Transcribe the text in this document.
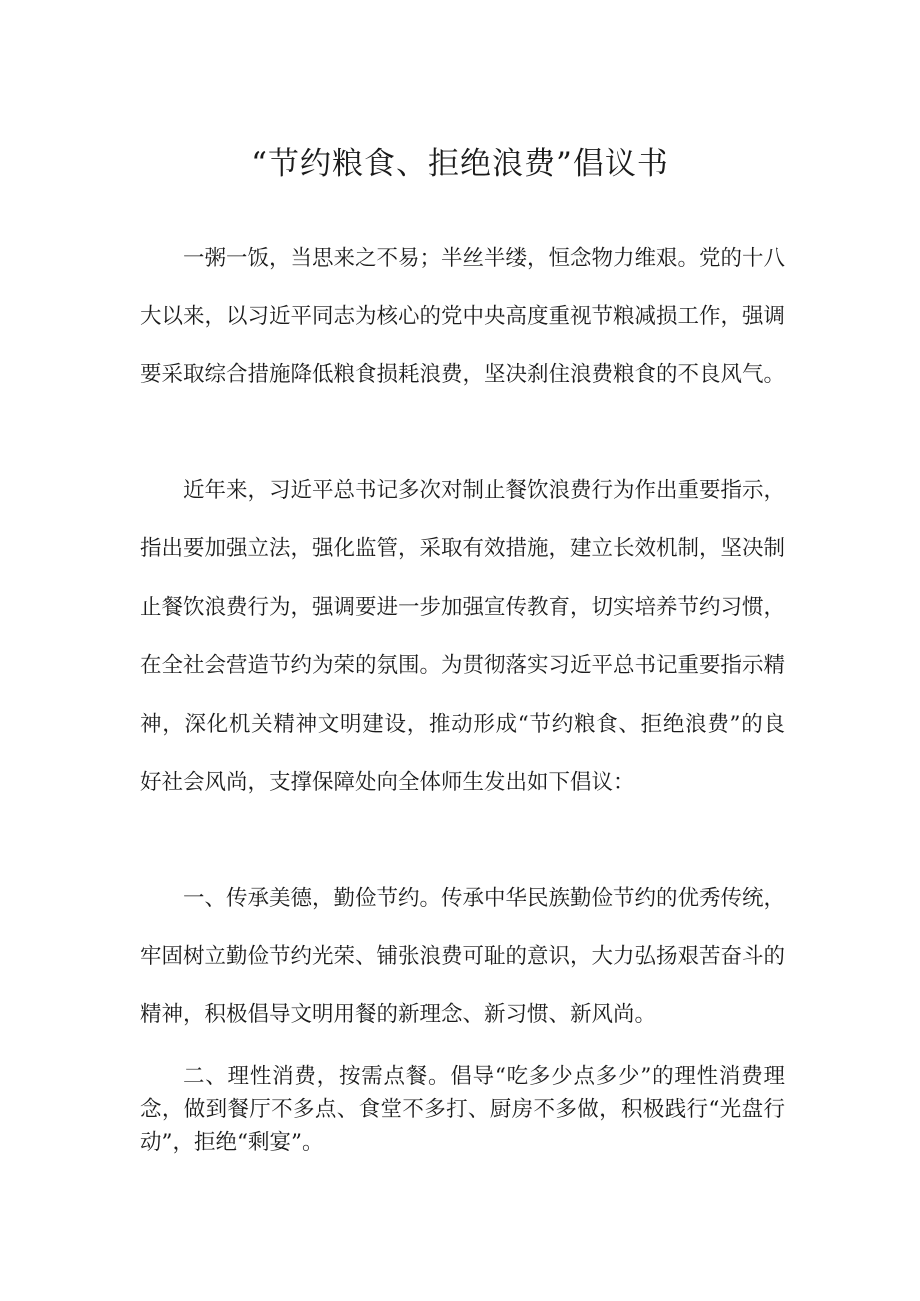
“节约粮食、拒绝浪费”倡议书

一粥一饭，当思来之不易；半丝半缕，恒念物力维艰。党的十八大以来，以习近平同志为核心的党中央高度重视节粮减损工作，强调要采取综合措施降低粮食损耗浪费，坚决刹住浪费粮食的不良风气。

近年来，习近平总书记多次对制止餐饮浪费行为作出重要指示，指出要加强立法，强化监管，采取有效措施，建立长效机制，坚决制止餐饮浪费行为，强调要进一步加强宣传教育，切实培养节约习惯，在全社会营造节约为荣的氛围。为贯彻落实习近平总书记重要指示精神，深化机关精神文明建设，推动形成“节约粮食、拒绝浪费”的良好社会风尚，支撑保障处向全体师生发出如下倡议：

一、传承美德，勤俭节约。传承中华民族勤俭节约的优秀传统，牢固树立勤俭节约光荣、铺张浪费可耻的意识，大力弘扬艰苦奋斗的精神，积极倡导文明用餐的新理念、新习惯、新风尚。

二、理性消费，按需点餐。倡导“吃多少点多少”的理性消费理念，做到餐厅不多点、食堂不多打、厨房不多做，积极践行“光盘行动”，拒绝“剩宴”。
